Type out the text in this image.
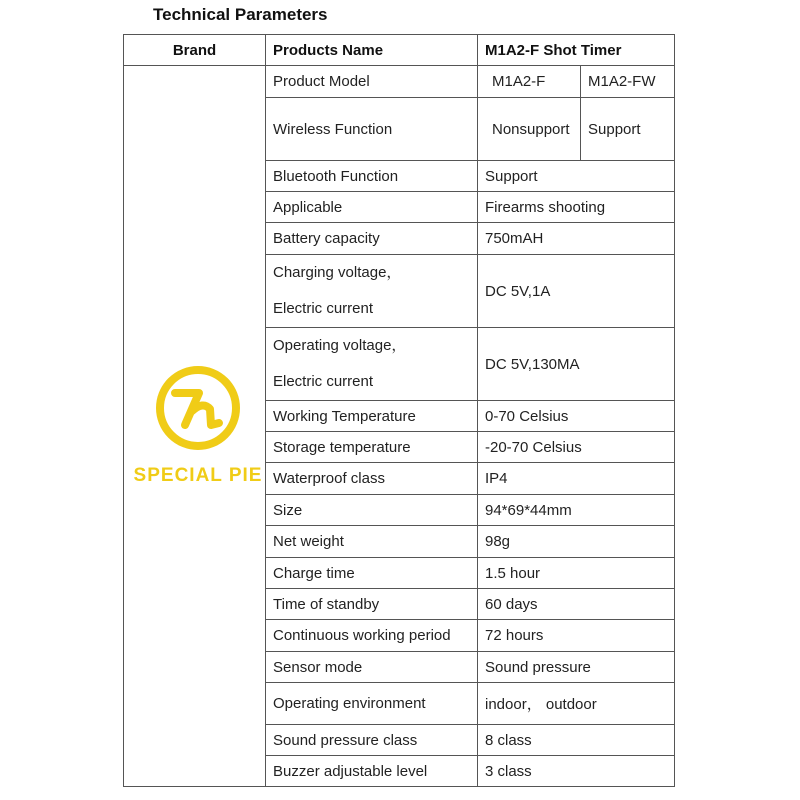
Technical Parameters
Brand	Products Name	M1A2-F Shot Timer

SPECIAL PIE	Product Model	M1A2-F M1A2-FW

	Wireless Function	Nonsupport Support

	Bluetooth Function	Support
	Applicable	Firearms shooting
	Battery capacity	750mAH

	Charging voltage，
Electric current	DC 5V,1A

	Operating voltage，
Electric current	DC 5V,130MA
	Working Temperature	0-70 Celsius
	Storage temperature	-20-70 Celsius
	Waterproof class	IP4
	Size	94*69*44mm
	Net weight	98g
	Charge time	1.5 hour
	Time of standby	60 days
	Continuous working period	72 hours
	Sensor mode	Sound pressure
	Operating environment	indoor， outdoor
	Sound pressure class	8 class
	Buzzer adjustable level	3 class
